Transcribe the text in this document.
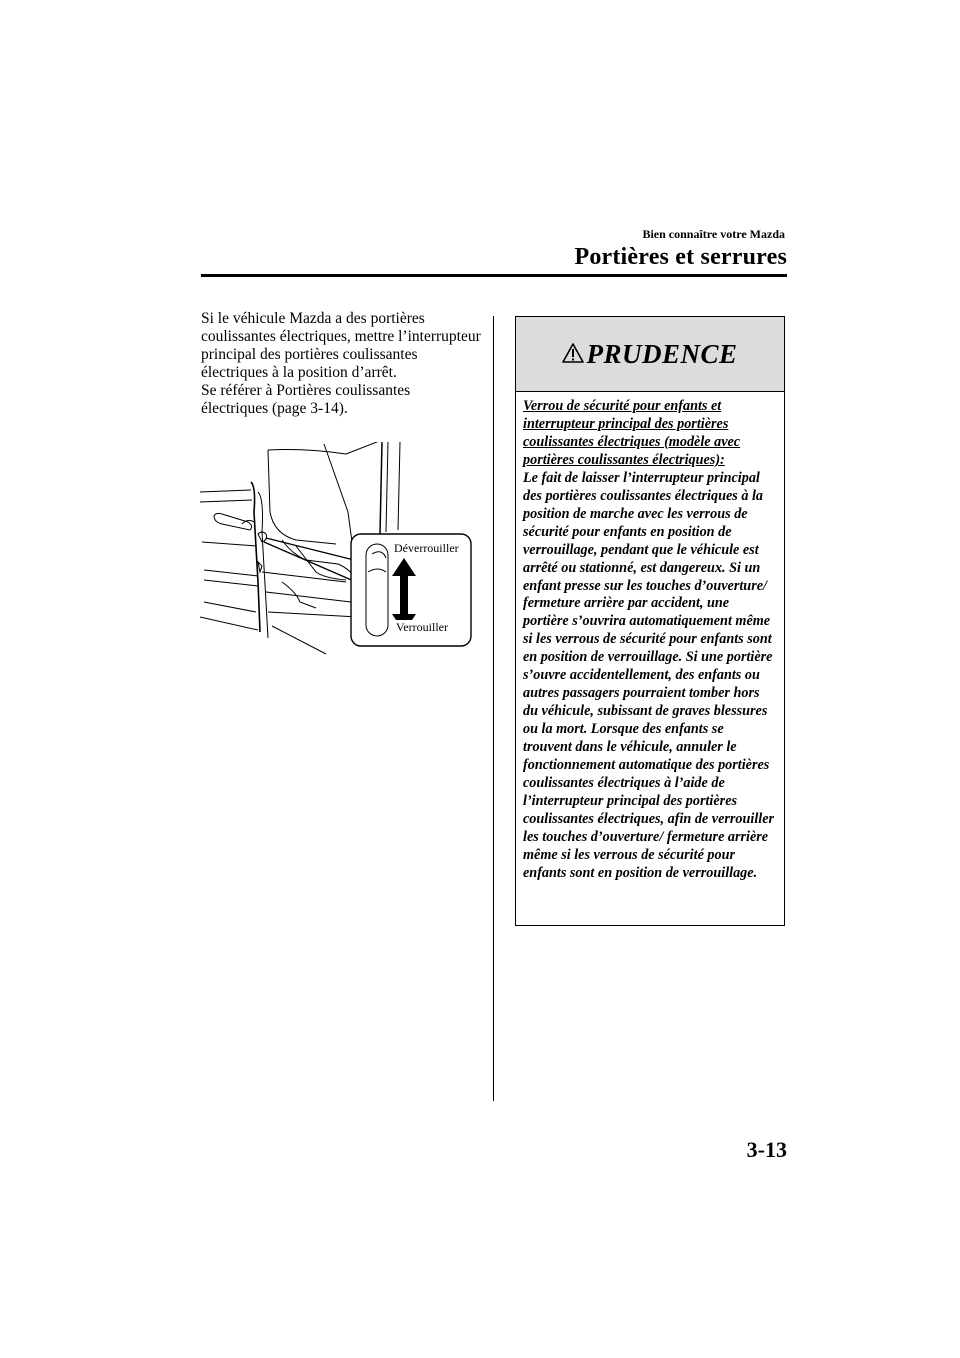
Bien connaître votre Mazda
Portières et serrures

Si le véhicule Mazda a des portières coulissantes électriques, mettre l’interrupteur principal des portières coulissantes électriques à la position d’arrêt.

Se référer à Portières coulissantes électriques (page 3-14).

Déverrouiller
Verrouiller
PRUDENCE
Verrou de sécurité pour enfants et interrupteur principal des portières coulissantes électriques (modèle avec portières coulissantes électriques):
Le fait de laisser l’interrupteur principal des portières coulissantes électriques à la position de marche avec les verrous de sécurité pour enfants en position de verrouillage, pendant que le véhicule est arrêté ou stationné, est dangereux. Si un enfant presse sur les touches d’ouverture/ fermeture arrière par accident, une portière s’ouvrira automatiquement même si les verrous de sécurité pour enfants sont en position de verrouillage. Si une portière s’ouvre accidentellement, des enfants ou autres passagers pourraient tomber hors du véhicule, subissant de graves blessures ou la mort. Lorsque des enfants se trouvent dans le véhicule, annuler le fonctionnement automatique des portières coulissantes électriques à l’aide de l’interrupteur principal des portières coulissantes électriques, afin de verrouiller les touches d’ouverture/ fermeture arrière même si les verrous de sécurité pour enfants sont en position de verrouillage.
3-13
